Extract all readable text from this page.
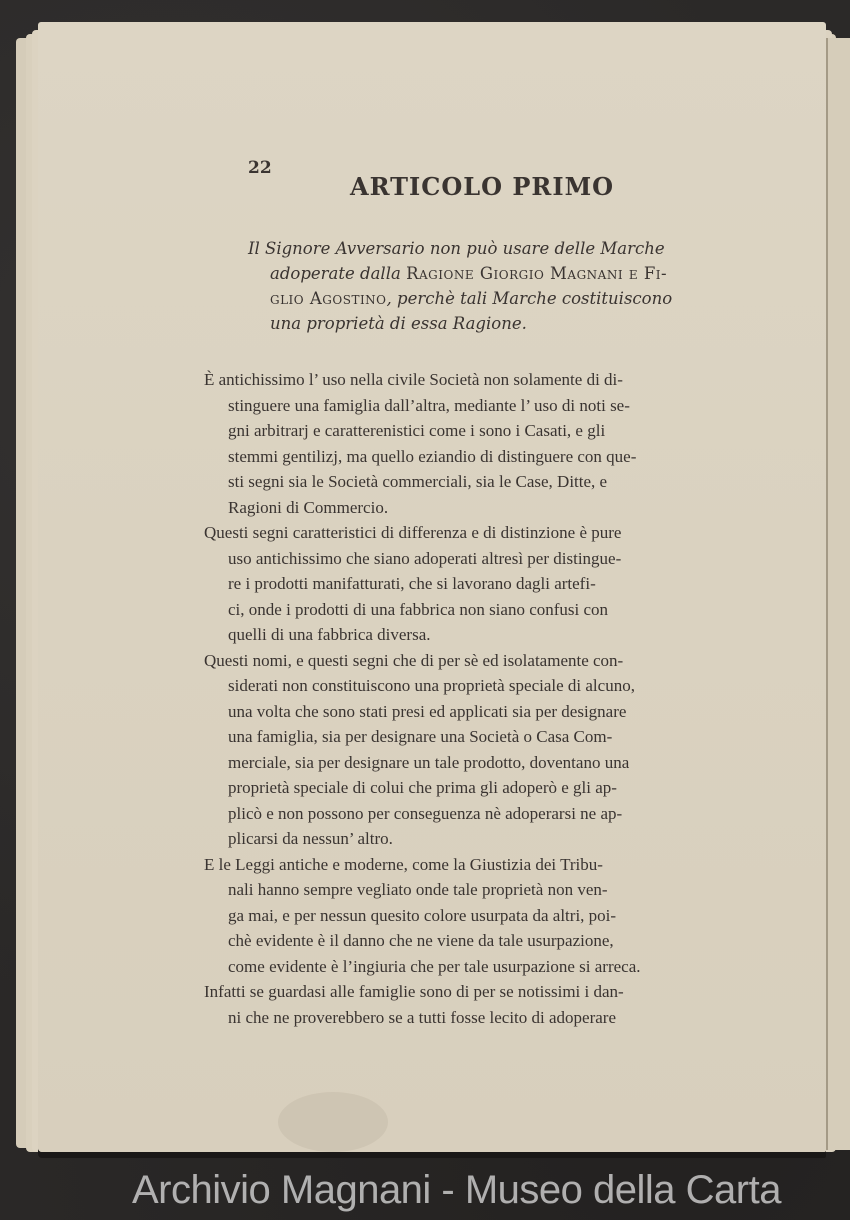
22
ARTICOLO PRIMO
Il Signore Avversario non può usare delle Marche
adoperate dalla Ragione Giorgio Magnani e Fi-
glio Agostino, perchè tali Marche costituiscono
una proprietà di essa Ragione.
È antichissimo l’ uso nella civile Società non solamente di di-
stinguere una famiglia dall’altra, mediante l’ uso di noti se-
gni arbitrarj e caratterenistici come i sono i Casati, e gli
stemmi gentilizj, ma quello eziandio di distinguere con que-
sti segni sia le Società commerciali, sia le Case, Ditte, e
Ragioni di Commercio.
Questi segni caratteristici di differenza e di distinzione è pure
uso antichissimo che siano adoperati altresì per distingue-
re i prodotti manifatturati, che si lavorano dagli artefi-
ci, onde i prodotti di una fabbrica non siano confusi con
quelli di una fabbrica diversa.
Questi nomi, e questi segni che di per sè ed isolatamente con-
siderati non constituiscono una proprietà speciale di alcuno,
una volta che sono stati presi ed applicati sia per designare
una famiglia, sia per designare una Società o Casa Com-
merciale, sia per designare un tale prodotto, doventano una
proprietà speciale di colui che prima gli adoperò e gli ap-
plicò e non possono per conseguenza nè adoperarsi ne ap-
plicarsi da nessun’ altro.
E le Leggi antiche e moderne, come la Giustizia dei Tribu-
nali hanno sempre vegliato onde tale proprietà non ven-
ga mai, e per nessun quesito colore usurpata da altri, poi-
chè evidente è il danno che ne viene da tale usurpazione,
come evidente è l’ingiuria che per tale usurpazione si arreca.
Infatti se guardasi alle famiglie sono di per se notissimi i dan-
ni che ne proverebbero se a tutti fosse lecito di adoperare
Archivio Magnani - Museo della Carta
